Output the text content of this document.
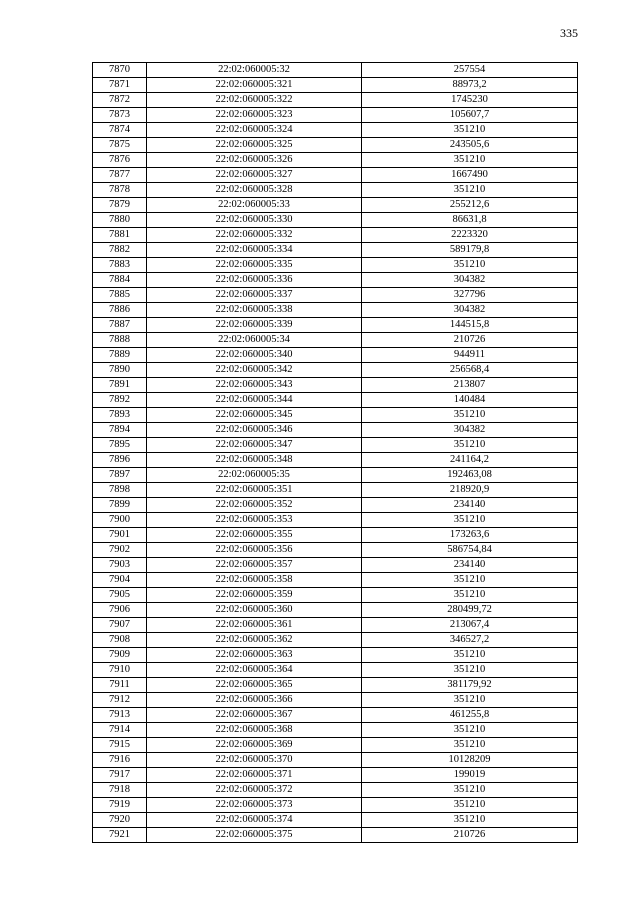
335
7870	22:02:060005:32	257554
7871	22:02:060005:321	88973,2
7872	22:02:060005:322	1745230
7873	22:02:060005:323	105607,7
7874	22:02:060005:324	351210
7875	22:02:060005:325	243505,6
7876	22:02:060005:326	351210
7877	22:02:060005:327	1667490
7878	22:02:060005:328	351210
7879	22:02:060005:33	255212,6
7880	22:02:060005:330	86631,8
7881	22:02:060005:332	2223320
7882	22:02:060005:334	589179,8
7883	22:02:060005:335	351210
7884	22:02:060005:336	304382
7885	22:02:060005:337	327796
7886	22:02:060005:338	304382
7887	22:02:060005:339	144515,8
7888	22:02:060005:34	210726
7889	22:02:060005:340	944911
7890	22:02:060005:342	256568,4
7891	22:02:060005:343	213807
7892	22:02:060005:344	140484
7893	22:02:060005:345	351210
7894	22:02:060005:346	304382
7895	22:02:060005:347	351210
7896	22:02:060005:348	241164,2
7897	22:02:060005:35	192463,08
7898	22:02:060005:351	218920,9
7899	22:02:060005:352	234140
7900	22:02:060005:353	351210
7901	22:02:060005:355	173263,6
7902	22:02:060005:356	586754,84
7903	22:02:060005:357	234140
7904	22:02:060005:358	351210
7905	22:02:060005:359	351210
7906	22:02:060005:360	280499,72
7907	22:02:060005:361	213067,4
7908	22:02:060005:362	346527,2
7909	22:02:060005:363	351210
7910	22:02:060005:364	351210
7911	22:02:060005:365	381179,92
7912	22:02:060005:366	351210
7913	22:02:060005:367	461255,8
7914	22:02:060005:368	351210
7915	22:02:060005:369	351210
7916	22:02:060005:370	10128209
7917	22:02:060005:371	199019
7918	22:02:060005:372	351210
7919	22:02:060005:373	351210
7920	22:02:060005:374	351210
7921	22:02:060005:375	210726
